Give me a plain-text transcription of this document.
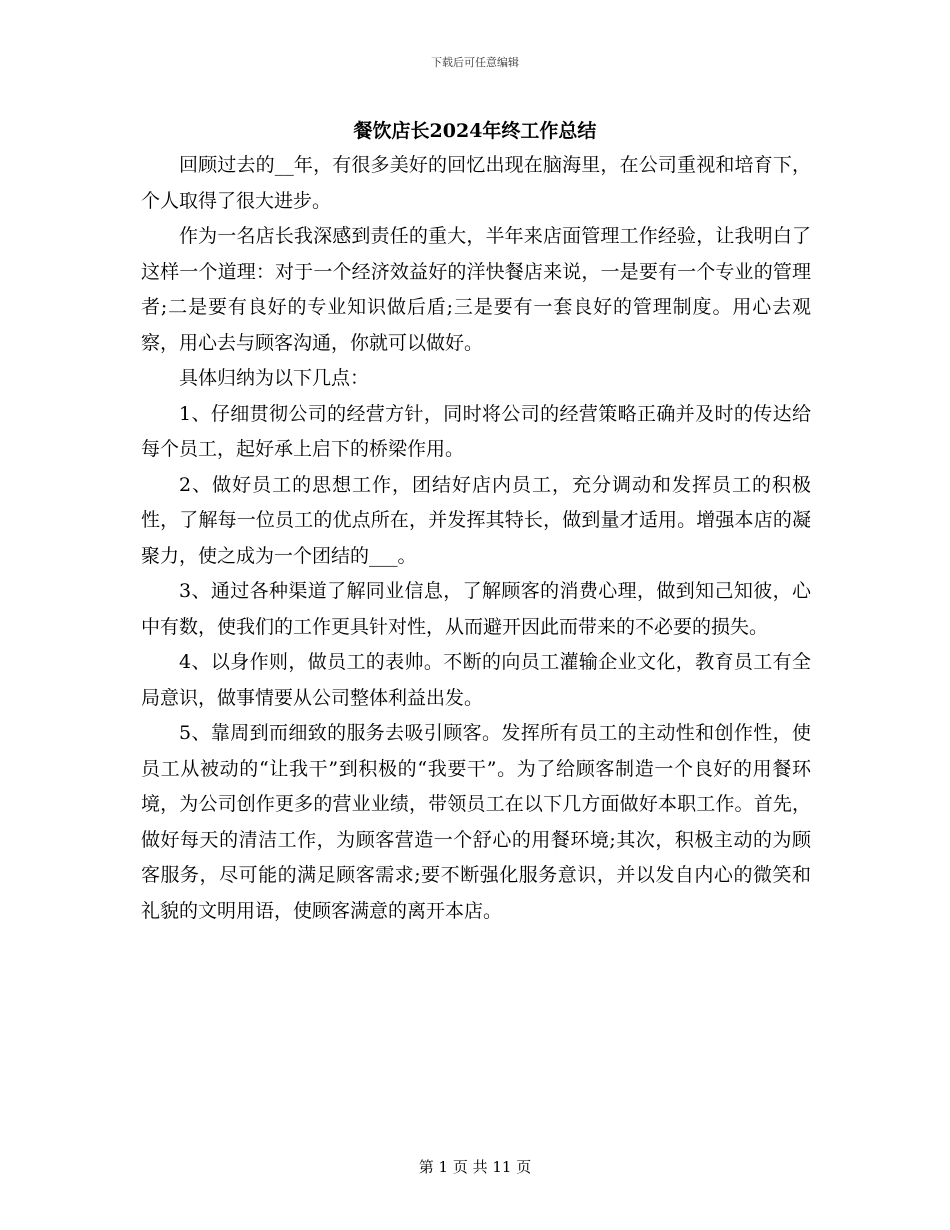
下载后可任意编辑
餐饮店长2024年终工作总结

回顾过去的__年，有很多美好的回忆出现在脑海里，在公司重视和培育下，个人取得了很大进步。

作为一名店长我深感到责任的重大，半年来店面管理工作经验，让我明白了这样一个道理：对于一个经济效益好的洋快餐店来说，一是要有一个专业的管理者;二是要有良好的专业知识做后盾;三是要有一套良好的管理制度。用心去观察，用心去与顾客沟通，你就可以做好。

具体归纳为以下几点：

1、仔细贯彻公司的经营方针，同时将公司的经营策略正确并及时的传达给每个员工，起好承上启下的桥梁作用。

2、做好员工的思想工作，团结好店内员工，充分调动和发挥员工的积极性，了解每一位员工的优点所在，并发挥其特长，做到量才适用。增强本店的凝聚力，使之成为一个团结的___。

3、通过各种渠道了解同业信息，了解顾客的消费心理，做到知己知彼，心中有数，使我们的工作更具针对性，从而避开因此而带来的不必要的损失。

4、以身作则，做员工的表帅。不断的向员工灌输企业文化，教育员工有全局意识，做事情要从公司整体利益出发。

5、靠周到而细致的服务去吸引顾客。发挥所有员工的主动性和创作性，使员工从被动的“让我干”到积极的“我要干”。为了给顾客制造一个良好的用餐环境，为公司创作更多的营业业绩，带领员工在以下几方面做好本职工作。首先，做好每天的清洁工作，为顾客营造一个舒心的用餐环境;其次，积极主动的为顾客服务，尽可能的满足顾客需求;要不断强化服务意识，并以发自内心的微笑和礼貌的文明用语，使顾客满意的离开本店。

第 1 页 共 11 页
